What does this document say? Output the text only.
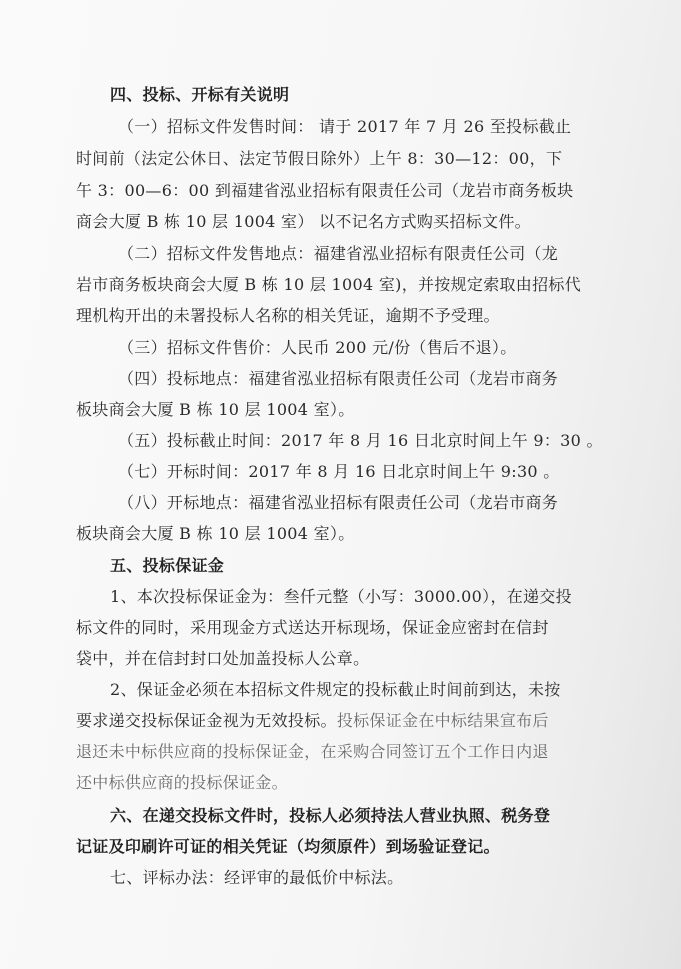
四、投标、开标有关说明
（一）招标文件发售时间： 请于 2017 年 7 月 26 至投标截止
时间前（法定公休日、法定节假日除外）上午 8：30—12：00，下
午 3：00—6：00 到福建省泓业招标有限责任公司（龙岩市商务板块
商会大厦 B 栋 10 层 1004 室） 以不记名方式购买招标文件。
（二）招标文件发售地点：福建省泓业招标有限责任公司（龙
岩市商务板块商会大厦 B 栋 10 层 1004 室)，并按规定索取由招标代
理机构开出的未署投标人名称的相关凭证，逾期不予受理。
（三）招标文件售价：人民币 200 元/份（售后不退）。
（四）投标地点：福建省泓业招标有限责任公司（龙岩市商务
板块商会大厦 B 栋 10 层 1004 室）。
（五）投标截止时间：2017 年 8 月 16 日北京时间上午 9：30 。
（七）开标时间：2017 年 8 月 16 日北京时间上午 9:30 。
（八）开标地点：福建省泓业招标有限责任公司（龙岩市商务
板块商会大厦 B 栋 10 层 1004 室）。
五、投标保证金
1、本次投标保证金为：叁仟元整（小写：3000.00），在递交投
标文件的同时，采用现金方式送达开标现场，保证金应密封在信封
袋中，并在信封封口处加盖投标人公章。
2、保证金必须在本招标文件规定的投标截止时间前到达，未按
要求递交投标保证金视为无效投标。投标保证金在中标结果宣布后
退还未中标供应商的投标保证金，在采购合同签订五个工作日内退
还中标供应商的投标保证金。
六、在递交投标文件时，投标人必须持法人营业执照、税务登
记证及印刷许可证的相关凭证（均须原件）到场验证登记。
七、评标办法：经评审的最低价中标法。
